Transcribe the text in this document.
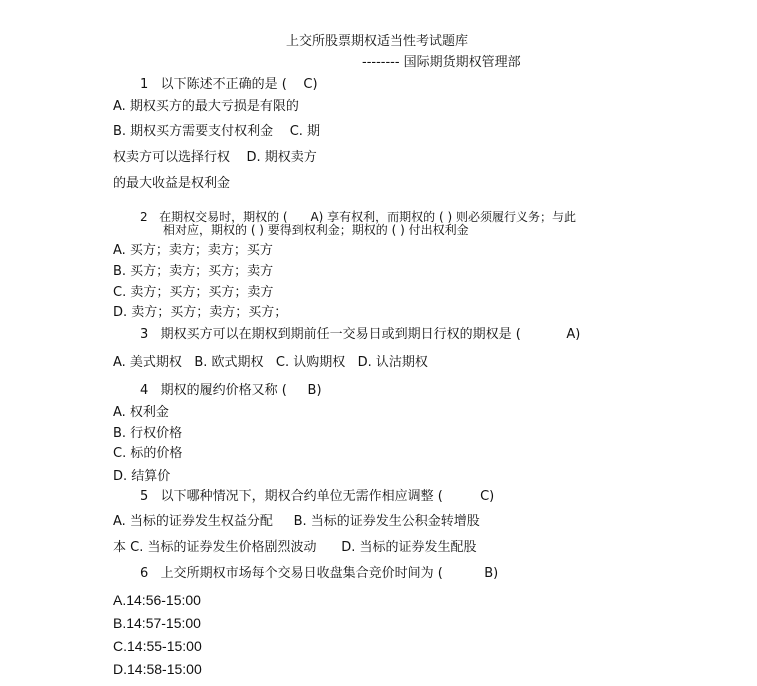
上交所股票期权适当性考试题库
-------- 国际期货期权管理部
1   以下陈述不正确的是 (    C)
A. 期权买方的最大亏损是有限的
B. 期权买方需要支付权利金    C. 期
权卖方可以选择行权    D. 期权卖方
的最大收益是权利金
2   在期权交易时，期权的 (      A) 享有权利，而期权的 ( ) 则必须履行义务；与此
相对应，期权的 ( ) 要得到权利金；期权的 ( ) 付出权利金
A. 买方；卖方；卖方；买方
B. 买方；卖方；买方；卖方
C. 卖方；买方；买方；卖方
D. 卖方；买方；卖方；买方；
3   期权买方可以在期权到期前任一交易日或到期日行权的期权是 (           A)
A. 美式期权   B. 欧式期权   C. 认购期权   D. 认沽期权
4   期权的履约价格又称 (     B)
A. 权利金
B. 行权价格
C. 标的价格
D. 结算价
5   以下哪种情况下，期权合约单位无需作相应调整 (         C)
A. 当标的证券发生权益分配     B. 当标的证券发生公积金转增股
本 C. 当标的证券发生价格剧烈波动      D. 当标的证券发生配股
6   上交所期权市场每个交易日收盘集合竞价时间为 (          B)
A.14:56-15:00
B.14:57-15:00
C.14:55-15:00
D.14:58-15:00
